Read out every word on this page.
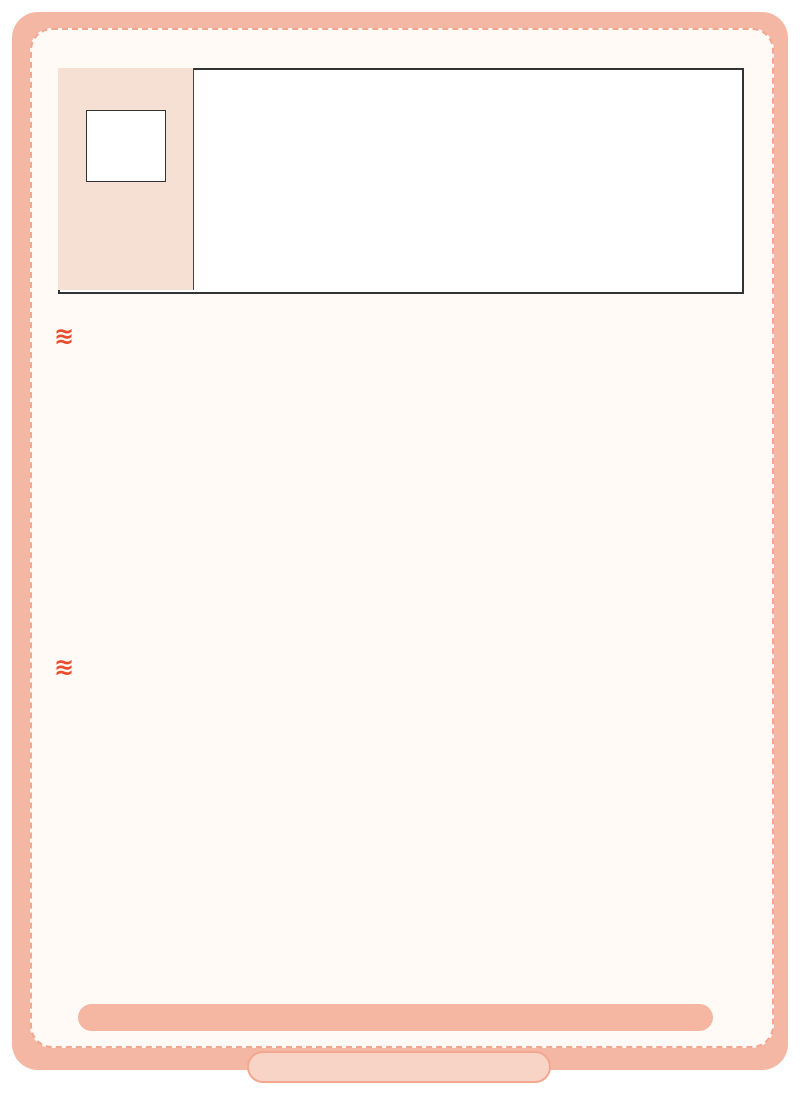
≋
≋
